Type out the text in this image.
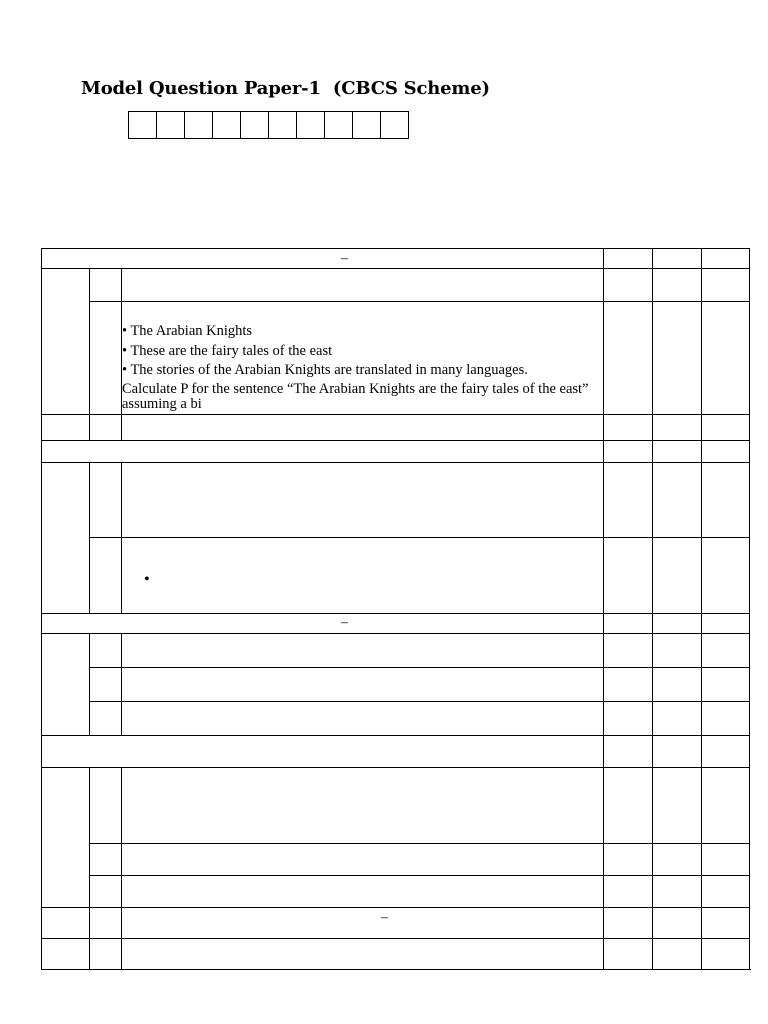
Model Question Paper-1  (CBCS Scheme)
–
–
–
• The Arabian Knights
• These are the fairy tales of the east
• The stories of the Arabian Knights are translated in many languages.
Calculate P for the sentence “The Arabian Knights are the fairy tales of the east” assuming a bi
•
